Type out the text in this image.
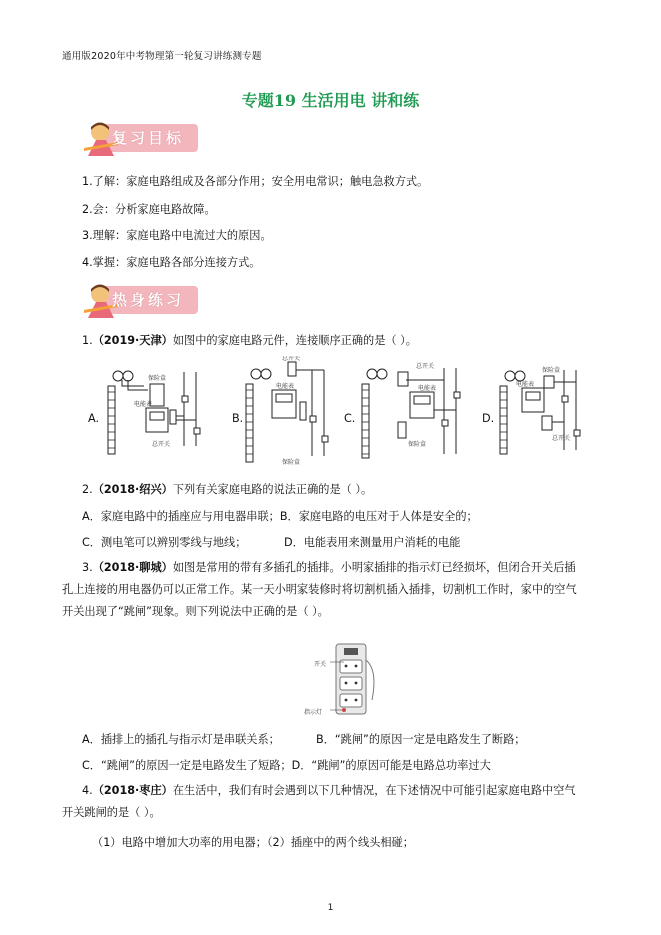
通用版2020年中考物理第一轮复习讲练测专题
专题19 生活用电 讲和练
复习目标
1.了解：家庭电路组成及各部分作用；安全用电常识；触电急救方式。
2.会：分析家庭电路故障。
3.理解：家庭电路中电流过大的原因。
4.掌握：家庭电路各部分连接方式。
热身练习
1.（2019·天津）如图中的家庭电路元件，连接顺序正确的是（ ）。
A.	B.	C.	D.
保险盒
电能表
总开关
总开关
电能表
保险盒
总开关
电能表
保险盒
保险盒
电能表
总开关
2.（2018·绍兴）下列有关家庭电路的说法正确的是（ ）。
A．家庭电路中的插座应与用电器串联；B．家庭电路的电压对于人体是安全的；
C．测电笔可以辨别零线与地线；	D．电能表用来测量用户消耗的电能
3.（2018·聊城）如图是常用的带有多插孔的插排。小明家插排的指示灯已经损坏，但闭合开关后插孔上连接的用电器仍可以正常工作。某一天小明家装修时将切割机插入插排，切割机工作时，家中的空气开关出现了“跳闸”现象。则下列说法中正确的是（ ）。
开关
指示灯
A．插排上的插孔与指示灯是串联关系；	B．“跳闸”的原因一定是电路发生了断路；
C．“跳闸”的原因一定是电路发生了短路；D．“跳闸”的原因可能是电路总功率过大
4.（2018·枣庄）在生活中，我们有时会遇到以下几种情况，在下述情况中可能引起家庭电路中空气开关跳闸的是（ ）。
（1）电路中增加大功率的用电器；（2）插座中的两个线头相碰；
1
